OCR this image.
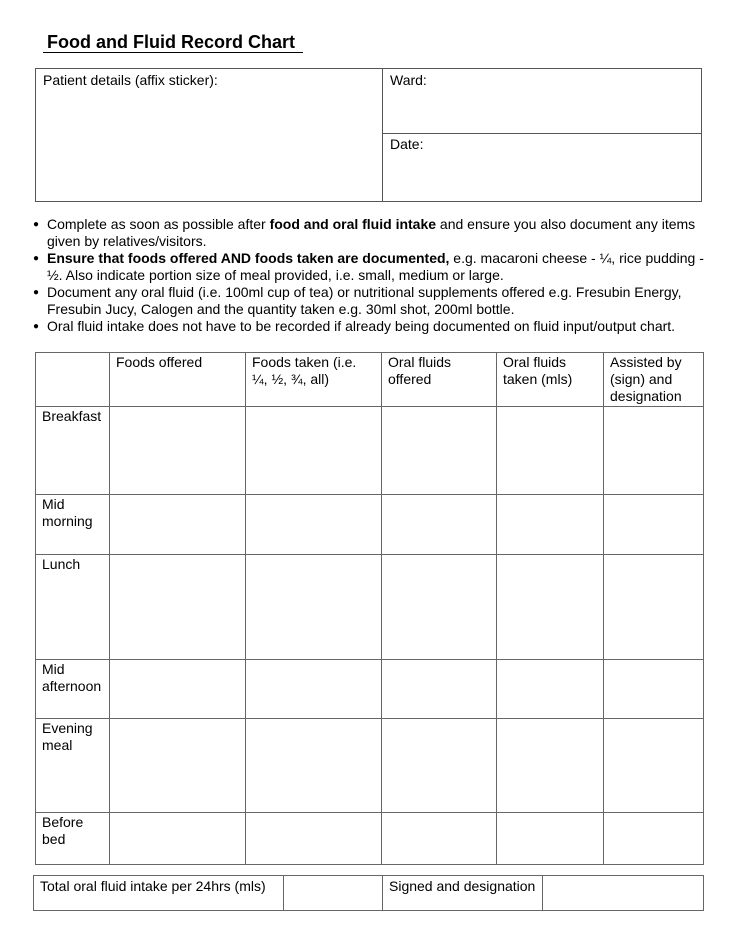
Food and Fluid Record Chart
Patient details (affix sticker):	Ward:
Date:
● Complete as soon as possible after food and oral fluid intake and ensure you also document any items given by relatives/visitors.
● Ensure that foods offered AND foods taken are documented, e.g. macaroni cheese - ¼, rice pudding - ½. Also indicate portion size of meal provided, i.e. small, medium or large.
● Document any oral fluid (i.e. 100ml cup of tea) or nutritional supplements offered e.g. Fresubin Energy, Fresubin Jucy, Calogen and the quantity taken e.g. 30ml shot, 200ml bottle.
● Oral fluid intake does not have to be recorded if already being documented on fluid input/output chart.
	Foods offered	Foods taken (i.e. ¼, ½, ¾, all)	Oral fluids offered	Oral fluids taken (mls)	Assisted by (sign) and designation
Breakfast					
Mid morning					
Lunch					
Mid afternoon					
Evening meal					
Before bed					
Total oral fluid intake per 24hrs (mls)		Signed and designation	
